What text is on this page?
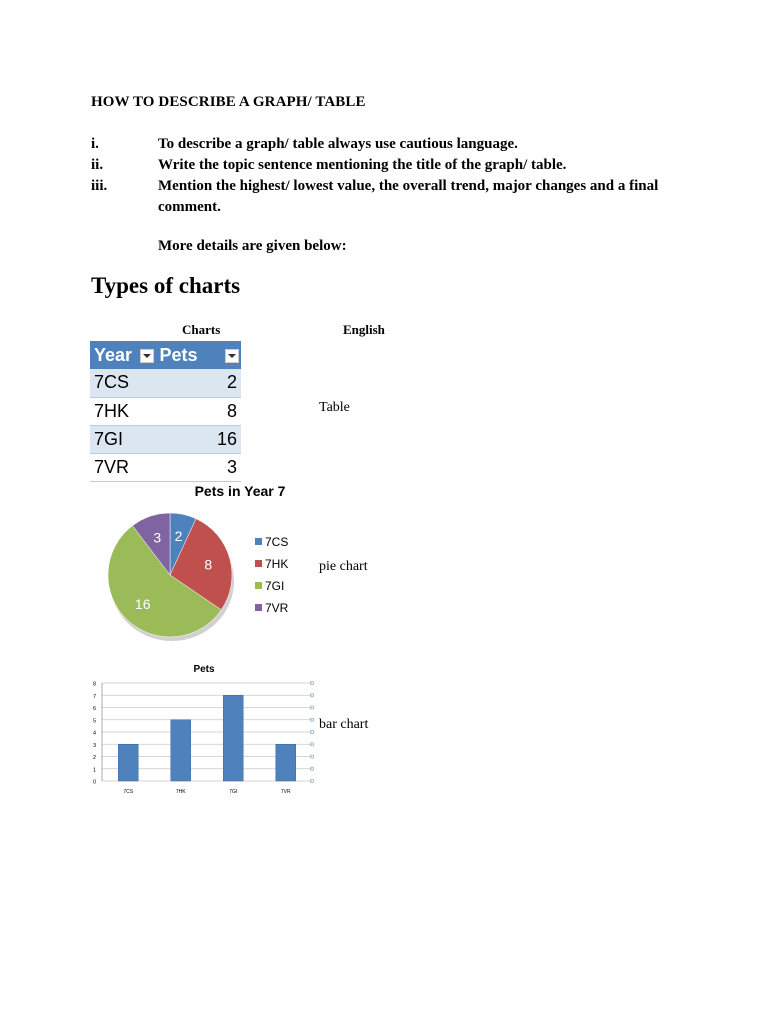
HOW TO DESCRIBE A GRAPH/ TABLE
i.	To describe a graph/ table always use cautious language.
ii.	Write the topic sentence mentioning the title of the graph/ table.
iii.	Mention the highest/ lowest value, the overall trend, major changes and a final comment.
More details are given below:
Types of charts
Charts	English
Year	Pets

7CS	2
7HK	8
7GI	16
7VR	3
Table
Pets in Year 7
2
8
16
3	7CS
7HK
7GI
7VR
pie chart
Pets
0
1
2
3
4
5
6
7
8
7CS	7HK	7GI	7VR
bar chart
